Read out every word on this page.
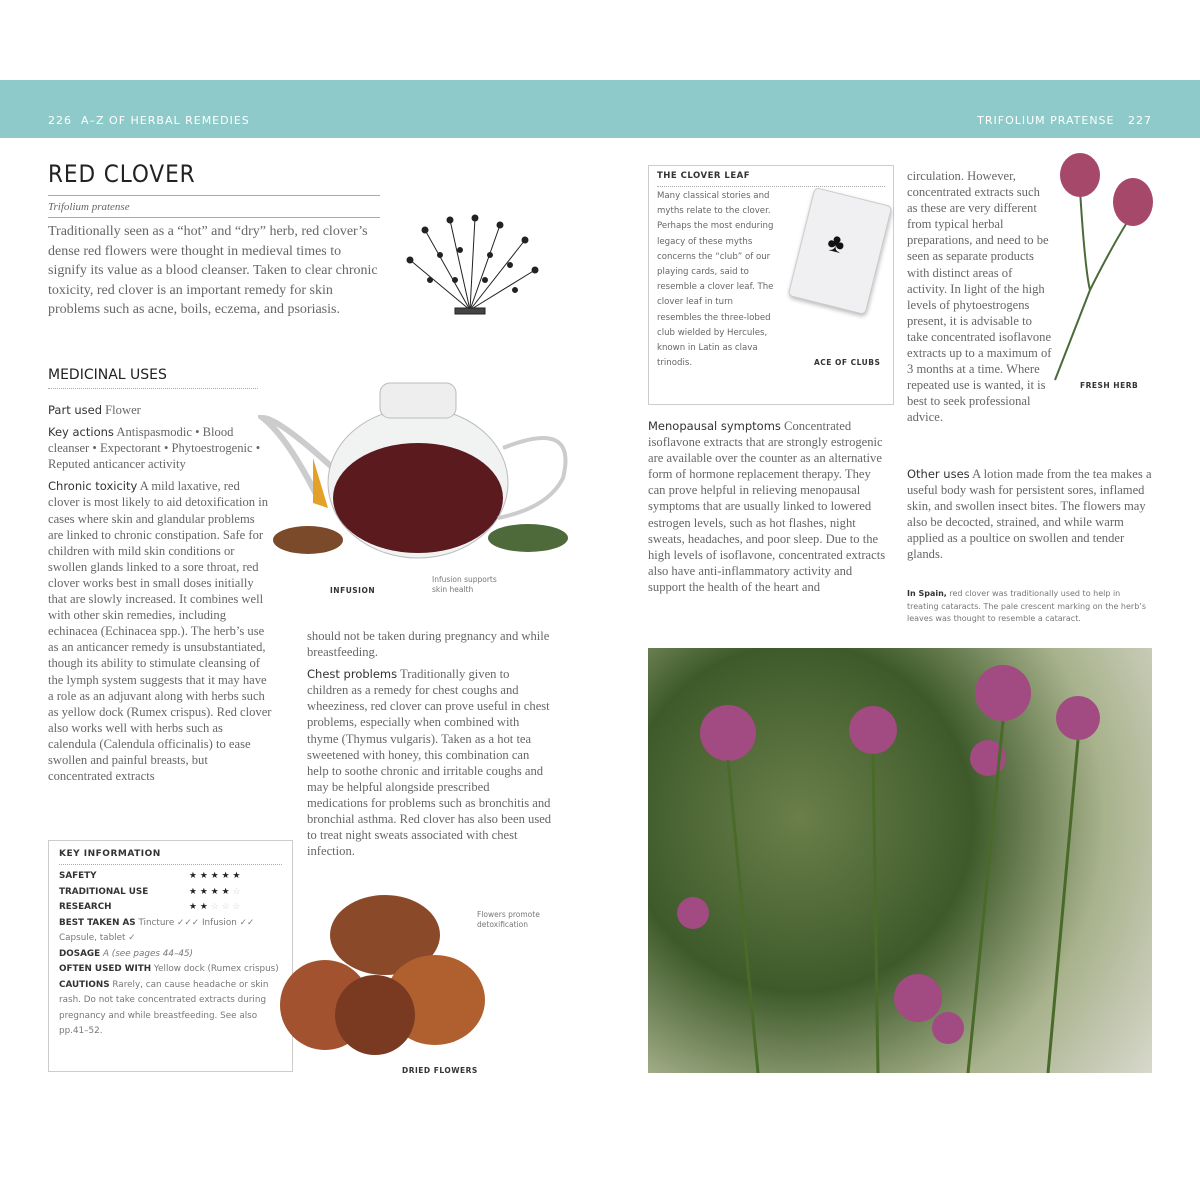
226 A–Z OF HERBAL REMEDIES	TRIFOLIUM PRATENSE 227
RED CLOVER
Trifolium pratense
Traditionally seen as a “hot” and “dry” herb, red clover’s dense red flowers were thought in medieval times to signify its value as a blood cleanser. Taken to clear chronic toxicity, red clover is an important remedy for skin problems such as acne, boils, eczema, and psoriasis.
MEDICINAL USES

Part used Flower

Key actions Antispasmodic • Blood cleanser • Expectorant • Phytoestrogenic • Reputed anticancer activity

Chronic toxicity A mild laxative, red clover is most likely to aid detoxification in cases where skin and glandular problems are linked to chronic constipation. Safe for children with mild skin conditions or swollen glands linked to a sore throat, red clover works best in small doses initially that are slowly increased. It combines well with other skin remedies, including echinacea (Echinacea spp.). The herb’s use as an anticancer remedy is unsubstantiated, though its ability to stimulate cleansing of the lymph system suggests that it may have a role as an adjuvant along with herbs such as yellow dock (Rumex crispus). Red clover also works well with herbs such as calendula (Calendula officinalis) to ease swollen and painful breasts, but concentrated extracts

INFUSION
Infusion supports skin health

should not be taken during pregnancy and while breastfeeding.

Chest problems Traditionally given to children as a remedy for chest coughs and wheeziness, red clover can prove useful in chest problems, especially when combined with thyme (Thymus vulgaris). Taken as a hot tea sweetened with honey, this combination can help to soothe chronic and irritable coughs and may be helpful alongside prescribed medications for problems such as bronchitis and bronchial asthma. Red clover has also been used to treat night sweats associated with chest infection.

KEY INFORMATION
SAFETY	★★★★★
TRADITIONAL USE	★★★★☆
RESEARCH	★★☆☆☆
BEST TAKEN AS Tincture ✓✓✓ Infusion ✓✓ Capsule, tablet ✓
DOSAGE A (see pages 44–45)
OFTEN USED WITH Yellow dock (Rumex crispus)
CAUTIONS Rarely, can cause headache or skin rash. Do not take concentrated extracts during pregnancy and while breastfeeding. See also pp.41–52.
DRIED FLOWERS
Flowers promote detoxification
THE CLOVER LEAF
Many classical stories and myths relate to the clover. Perhaps the most enduring legacy of these myths concerns the “club” of our playing cards, said to resemble a clover leaf. The clover leaf in turn resembles the three-lobed club wielded by Hercules, known in Latin as clava trinodis.
♣
ACE OF CLUBS
Menopausal symptoms Concentrated isoflavone extracts that are strongly estrogenic are available over the counter as an alternative form of hormone replacement therapy. They can prove helpful in relieving menopausal symptoms that are usually linked to lowered estrogen levels, such as hot flashes, night sweats, headaches, and poor sleep. Due to the high levels of isoflavone, concentrated extracts also have anti-inflammatory activity and support the health of the heart and
circulation. However, concentrated extracts such as these are very different from typical herbal preparations, and need to be seen as separate products with distinct areas of activity. In light of the high levels of phytoestrogens present, it is advisable to take concentrated isoflavone extracts up to a maximum of 3 months at a time. Where repeated use is wanted, it is best to seek professional advice.
FRESH HERB
Other uses A lotion made from the tea makes a useful body wash for persistent sores, inflamed skin, and swollen insect bites. The flowers may also be decocted, strained, and while warm applied as a poultice on swollen and tender glands.
In Spain, red clover was traditionally used to help in treating cataracts. The pale crescent marking on the herb’s leaves was thought to resemble a cataract.
